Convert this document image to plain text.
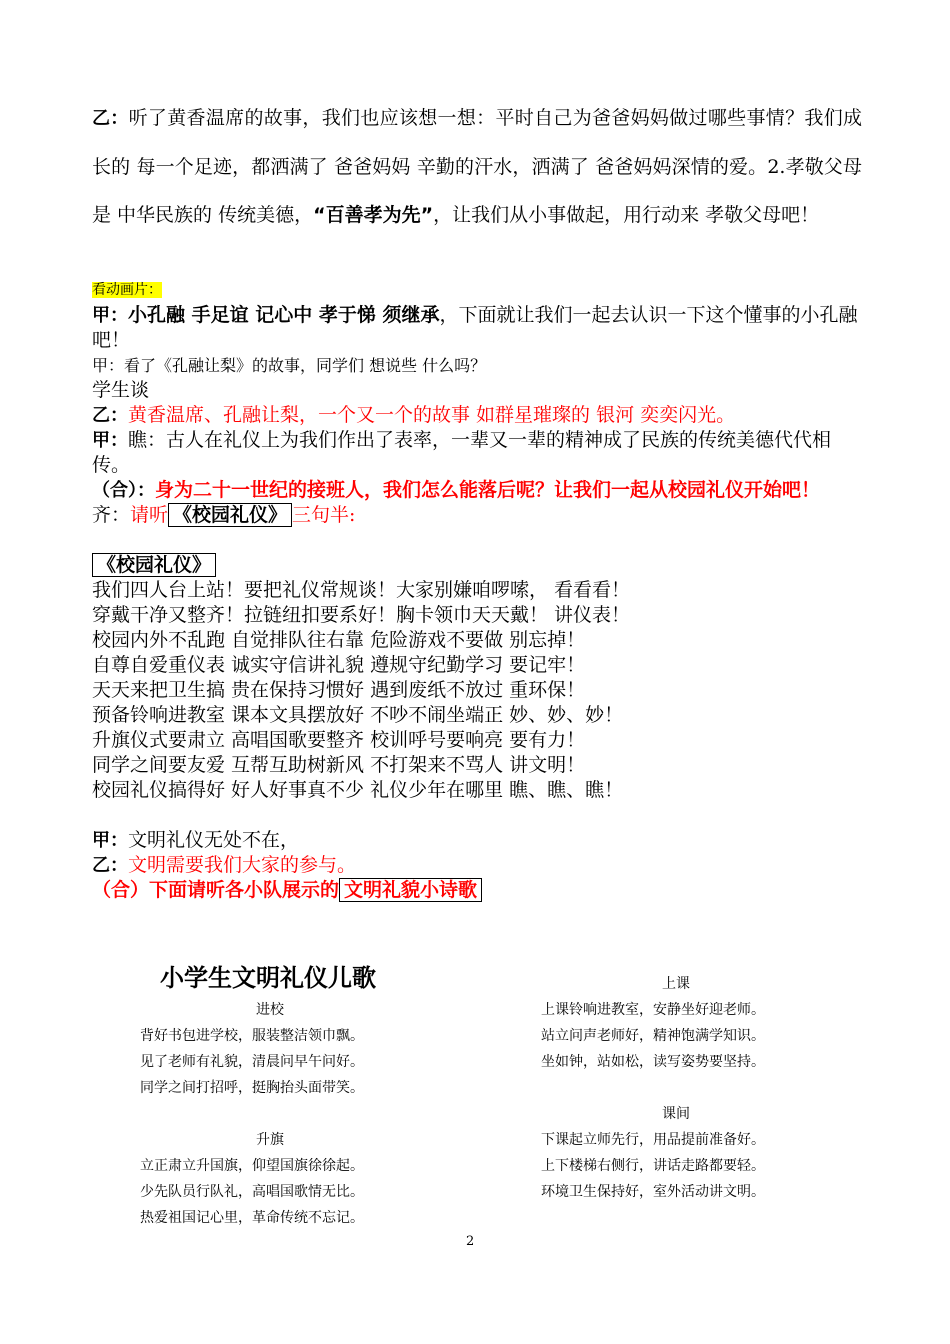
乙：听了黄香温席的故事，我们也应该想一想：平时自己为爸爸妈妈做过哪些事情？我们成长的 每一个足迹，都洒满了 爸爸妈妈 辛勤的汗水，洒满了 爸爸妈妈深情的爱。2.孝敬父母 是 中华民族的 传统美德，“百善孝为先”，让我们从小事做起，用行动来 孝敬父母吧！

看动画片：

甲：小孔融 手足谊 记心中 孝于悌 须继承，下面就让我们一起去认识一下这个懂事的小孔融吧！

甲：看了《孔融让梨》的故事，同学们 想说些 什么吗？

学生谈

乙：黄香温席、孔融让梨，一个又一个的故事 如群星璀璨的 银河 奕奕闪光。

甲：瞧：古人在礼仪上为我们作出了表率，一辈又一辈的精神成了民族的传统美德代代相传。

（合）：身为二十一世纪的接班人，我们怎么能落后呢？让我们一起从校园礼仪开始吧！

齐：请听 《校园礼仪》 三句半:

《校园礼仪》

我们四人台上站！要把礼仪常规谈！大家别嫌咱啰嗦， 看看看！

穿戴干净又整齐！拉链纽扣要系好！胸卡领巾天天戴！ 讲仪表！

校园内外不乱跑 自觉排队往右靠 危险游戏不要做 别忘掉！

自尊自爱重仪表 诚实守信讲礼貌 遵规守纪勤学习 要记牢！

天天来把卫生搞 贵在保持习惯好 遇到废纸不放过 重环保！

预备铃响进教室 课本文具摆放好 不吵不闹坐端正 妙、妙、妙！

升旗仪式要肃立 高唱国歌要整齐 校训呼号要响亮 要有力！

同学之间要友爱 互帮互助树新风 不打架来不骂人 讲文明！

校园礼仪搞得好 好人好事真不少 礼仪少年在哪里 瞧、瞧、瞧！

甲：文明礼仪无处不在，

乙：文明需要我们大家的参与。

（合）下面请听各小队展示的 文明礼貌小诗歌

小学生文明礼仪儿歌

进校

背好书包进学校，服装整洁领巾飘。

见了老师有礼貌，清晨问早午问好。

同学之间打招呼，挺胸抬头面带笑。

升旗

立正肃立升国旗，仰望国旗徐徐起。

少先队员行队礼，高唱国歌情无比。

热爱祖国记心里，革命传统不忘记。

上课

上课铃响进教室，安静坐好迎老师。

站立问声老师好，精神饱满学知识。

坐如钟，站如松，读写姿势要坚持。

课间

下课起立师先行，用品提前准备好。

上下楼梯右侧行，讲话走路都要轻。

环境卫生保持好，室外活动讲文明。

2
